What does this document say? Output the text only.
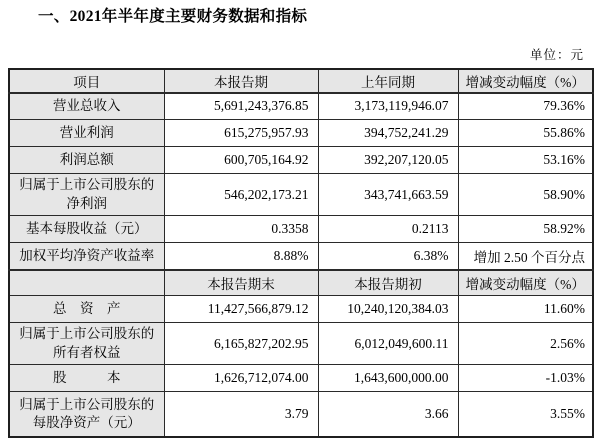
一、2021年半年度主要财务数据和指标
单位：元
项目	本报告期	上年同期	增减变动幅度（%）
营业总收入	5,691,243,376.85	3,173,119,946.07	79.36%
营业利润	615,275,957.93	394,752,241.29	55.86%
利润总额	600,705,164.92	392,207,120.05	53.16%
归属于上市公司股东的净利润	546,202,173.21	343,741,663.59	58.90%
基本每股收益（元）	0.3358	0.2113	58.92%
加权平均净资产收益率	8.88%	6.38%	增加 2.50 个百分点
	本报告期末	本报告期初	增减变动幅度（%）
总　资　产	11,427,566,879.12	10,240,120,384.03	11.60%
归属于上市公司股东的所有者权益	6,165,827,202.95	6,012,049,600.11	2.56%
股　　　本	1,626,712,074.00	1,643,600,000.00	-1.03%
归属于上市公司股东的每股净资产（元）	3.79	3.66	3.55%
